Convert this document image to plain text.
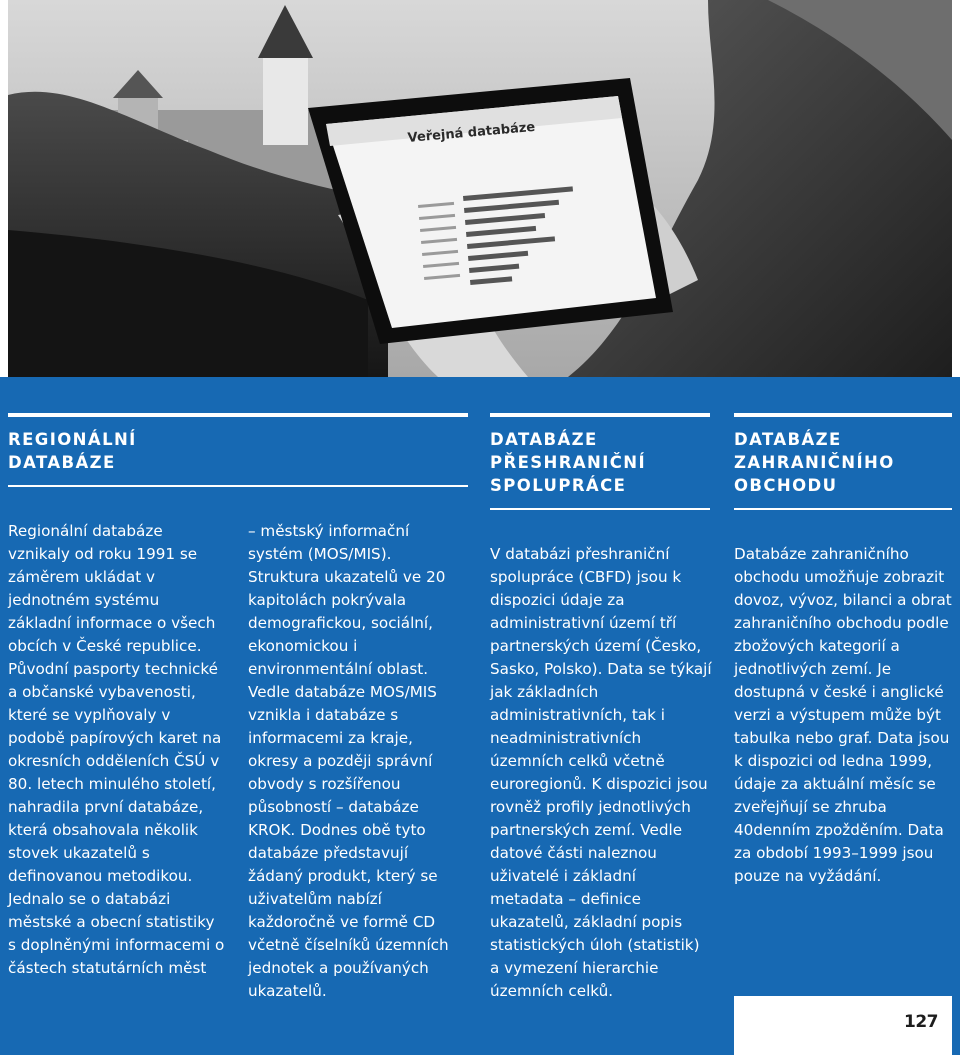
Veřejná databáze
REGIONÁLNÍ
DATABÁZE
DATABÁZE
PŘESHRANIČNÍ
SPOLUPRÁCE
DATABÁZE
ZAHRANIČNÍHO
OBCHODU

Regionální databáze vznikaly od roku 1991 se záměrem ukládat v jednotném systému základní informace o všech obcích v České republice. Původní pasporty technické a občanské vybavenosti, které se vyplňovaly v podobě papírových karet na okresních odděleních ČSÚ v 80. letech minulého století, nahradila první databáze, která obsahovala několik stovek ukazatelů s definovanou metodikou. Jednalo se o databázi městské a obecní statistiky s doplněnými informacemi o částech statutárních měst

– městský informační systém (MOS/MIS). Struktura ukazatelů ve 20 kapitolách pokrývala demografickou, sociální, ekonomickou i environmentální oblast. Vedle databáze MOS/MIS vznikla i databáze s informacemi za kraje, okresy a později správní obvody s rozšířenou působností – databáze KROK. Dodnes obě tyto databáze představují žádaný produkt, který se uživatelům nabízí každoročně ve formě CD včetně číselníků územních jednotek a používaných ukazatelů.

V databázi přeshraniční spolupráce (CBFD) jsou k dispozici údaje za administrativní území tří partnerských území (Česko, Sasko, Polsko). Data se týkají jak základních administrativních, tak i neadministrativních územních celků včetně euroregionů. K dispozici jsou rovněž profily jednotlivých partnerských zemí. Vedle datové části naleznou uživatelé i základní metadata – definice ukazatelů, základní popis statistických úloh (statistik) a vymezení hierarchie územních celků.

Databáze zahraničního obchodu umožňuje zobrazit dovoz, vývoz, bilanci a obrat zahraničního obchodu podle zbožových kategorií a jednotlivých zemí. Je dostupná v české i anglické verzi a výstupem může být tabulka nebo graf. Data jsou k dispozici od ledna 1999, údaje za aktuální měsíc se zveřejňují se zhruba 40denním zpožděním. Data za období 1993–1999 jsou pouze na vyžádání.

127
